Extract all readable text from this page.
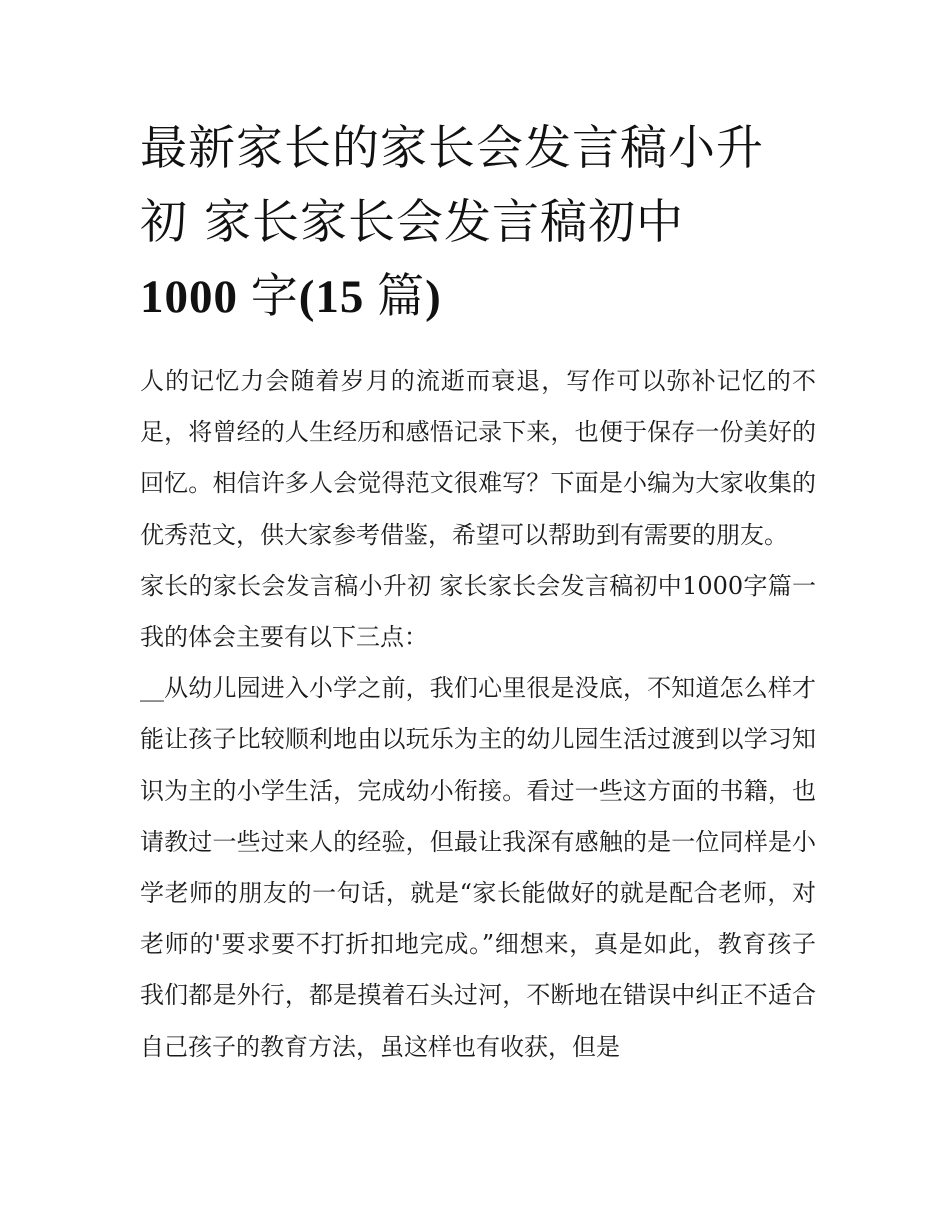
最新家长的家长会发言稿小升
初 家长家长会发言稿初中
1000 字(15 篇)

人的记忆力会随着岁月的流逝而衰退，写作可以弥补记忆的不足，将曾经的人生经历和感悟记录下来，也便于保存一份美好的回忆。相信许多人会觉得范文很难写？下面是小编为大家收集的优秀范文，供大家参考借鉴，希望可以帮助到有需要的朋友。

家长的家长会发言稿小升初 家长家长会发言稿初中1000字篇一 我的体会主要有以下三点：

__从幼儿园进入小学之前，我们心里很是没底，不知道怎么样才能让孩子比较顺利地由以玩乐为主的幼儿园生活过渡到以学习知识为主的小学生活，完成幼小衔接。看过一些这方面的书籍，也请教过一些过来人的经验，但最让我深有感触的是一位同样是小学老师的朋友的一句话，就是“家长能做好的就是配合老师，对老师的'要求要不打折扣地完成。”细想来，真是如此，教育孩子我们都是外行，都是摸着石头过河，不断地在错误中纠正不适合自己孩子的教育方法，虽这样也有收获，但是
